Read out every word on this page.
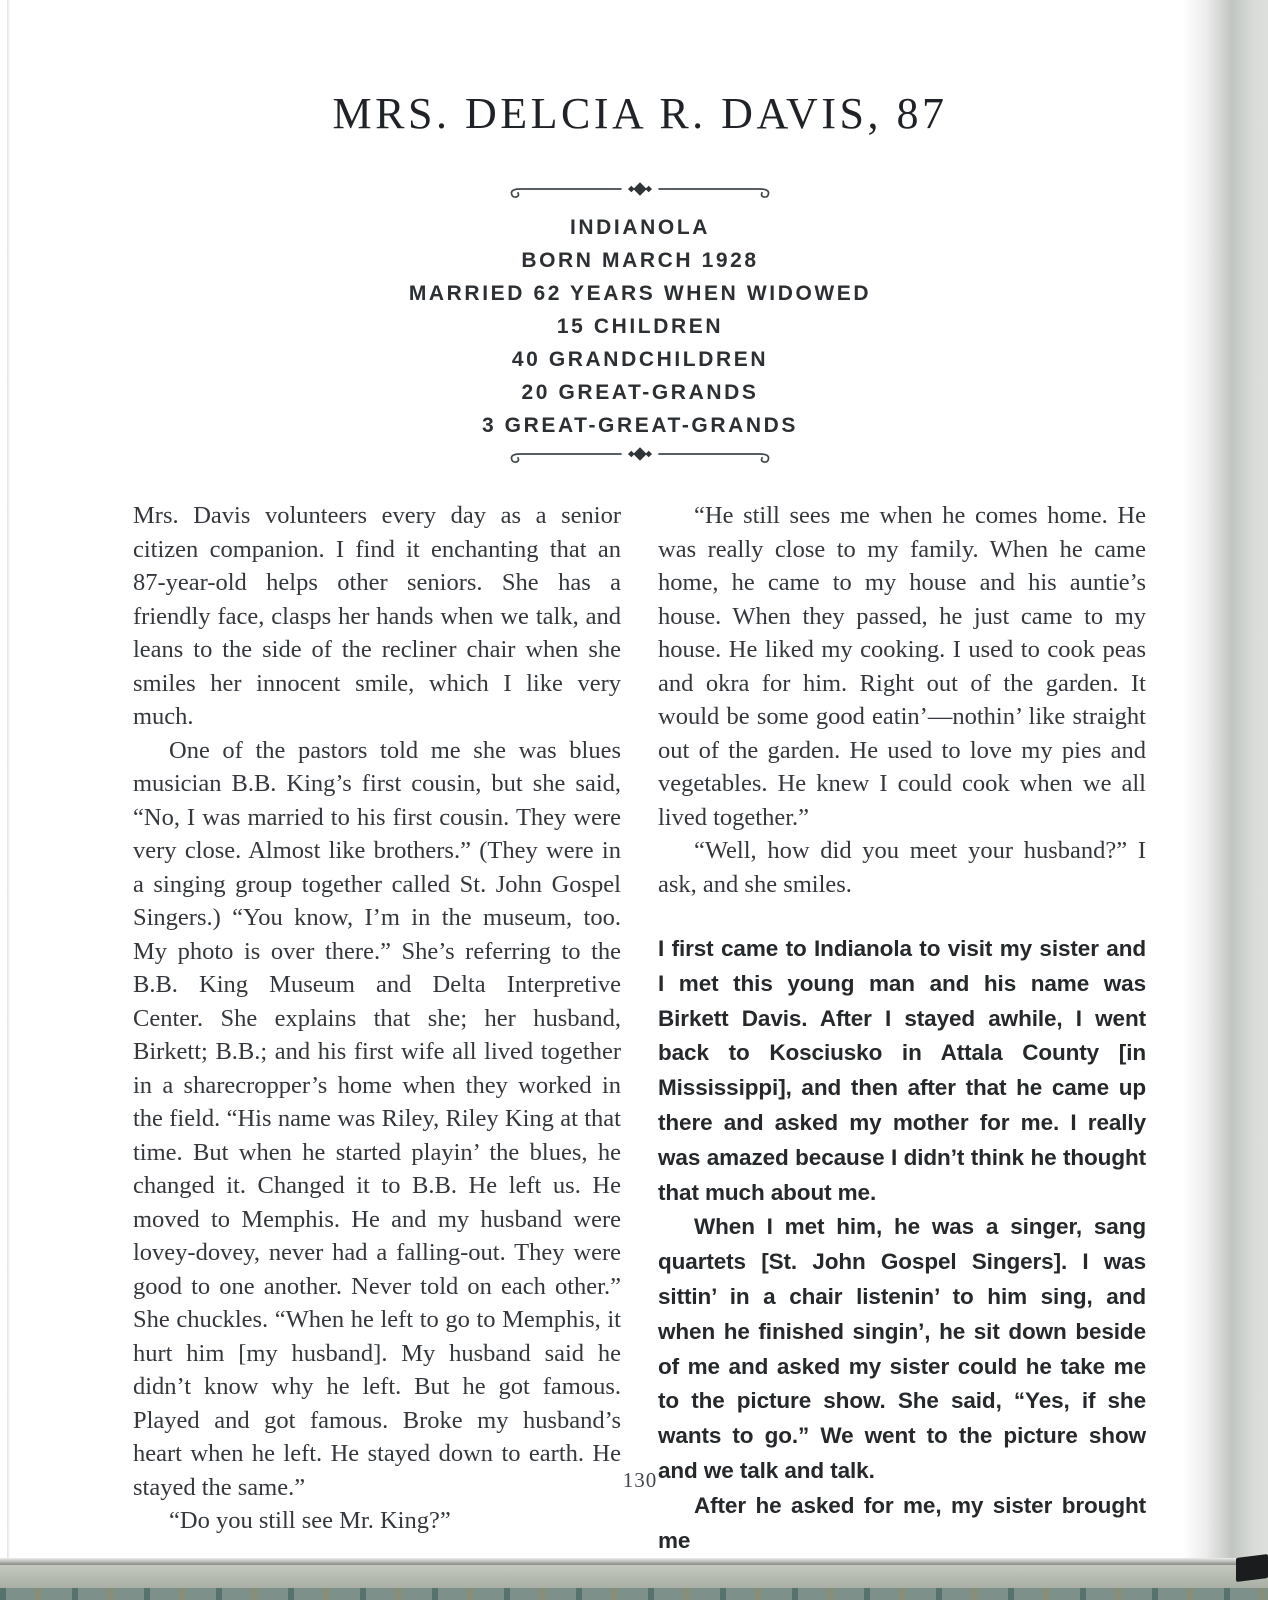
MRS. DELCIA R. DAVIS, 87
INDIANOLA
BORN MARCH 1928
MARRIED 62 YEARS WHEN WIDOWED
15 CHILDREN
40 GRANDCHILDREN
20 GREAT-GRANDS
3 GREAT-GREAT-GRANDS

Mrs. Davis volunteers every day as a senior citizen companion. I find it enchanting that an 87-year-old helps other seniors. She has a friendly face, clasps her hands when we talk, and leans to the side of the recliner chair when she smiles her innocent smile, which I like very much.

One of the pastors told me she was blues musician B.B. King’s first cousin, but she said, “No, I was married to his first cousin. They were very close. Almost like brothers.” (They were in a singing group together called St. John Gospel Singers.) “You know, I’m in the museum, too. My photo is over there.” She’s referring to the B.B. King Museum and Delta Interpretive Center. She explains that she; her husband, Birkett; B.B.; and his first wife all lived together in a sharecropper’s home when they worked in the field. “His name was Riley, Riley King at that time. But when he started playin’ the blues, he changed it. Changed it to B.B. He left us. He moved to Memphis. He and my husband were lovey-dovey, never had a falling-out. They were good to one another. Never told on each other.” She chuckles. “When he left to go to Memphis, it hurt him [my husband]. My husband said he didn’t know why he left. But he got famous. Played and got famous. Broke my husband’s heart when he left. He stayed down to earth. He stayed the same.”

“Do you still see Mr. King?”

“He still sees me when he comes home. He was really close to my family. When he came home, he came to my house and his auntie’s house. When they passed, he just came to my house. He liked my cooking. I used to cook peas and okra for him. Right out of the garden. It would be some good eatin’—nothin’ like straight out of the garden. He used to love my pies and vegetables. He knew I could cook when we all lived together.”

“Well, how did you meet your husband?” I ask, and she smiles.

I first came to Indianola to visit my sister and I met this young man and his name was Birkett Davis. After I stayed awhile, I went back to Kosciusko in Attala County [in Mississippi], and then after that he came up there and asked my mother for me. I really was amazed because I didn’t think he thought that much about me.

When I met him, he was a singer, sang quartets [St. John Gospel Singers]. I was sittin’ in a chair listenin’ to him sing, and when he finished singin’, he sit down beside of me and asked my sister could he take me to the picture show. She said, “Yes, if she wants to go.” We went to the picture show and we talk and talk.

After he asked for me, my sister brought me

130
